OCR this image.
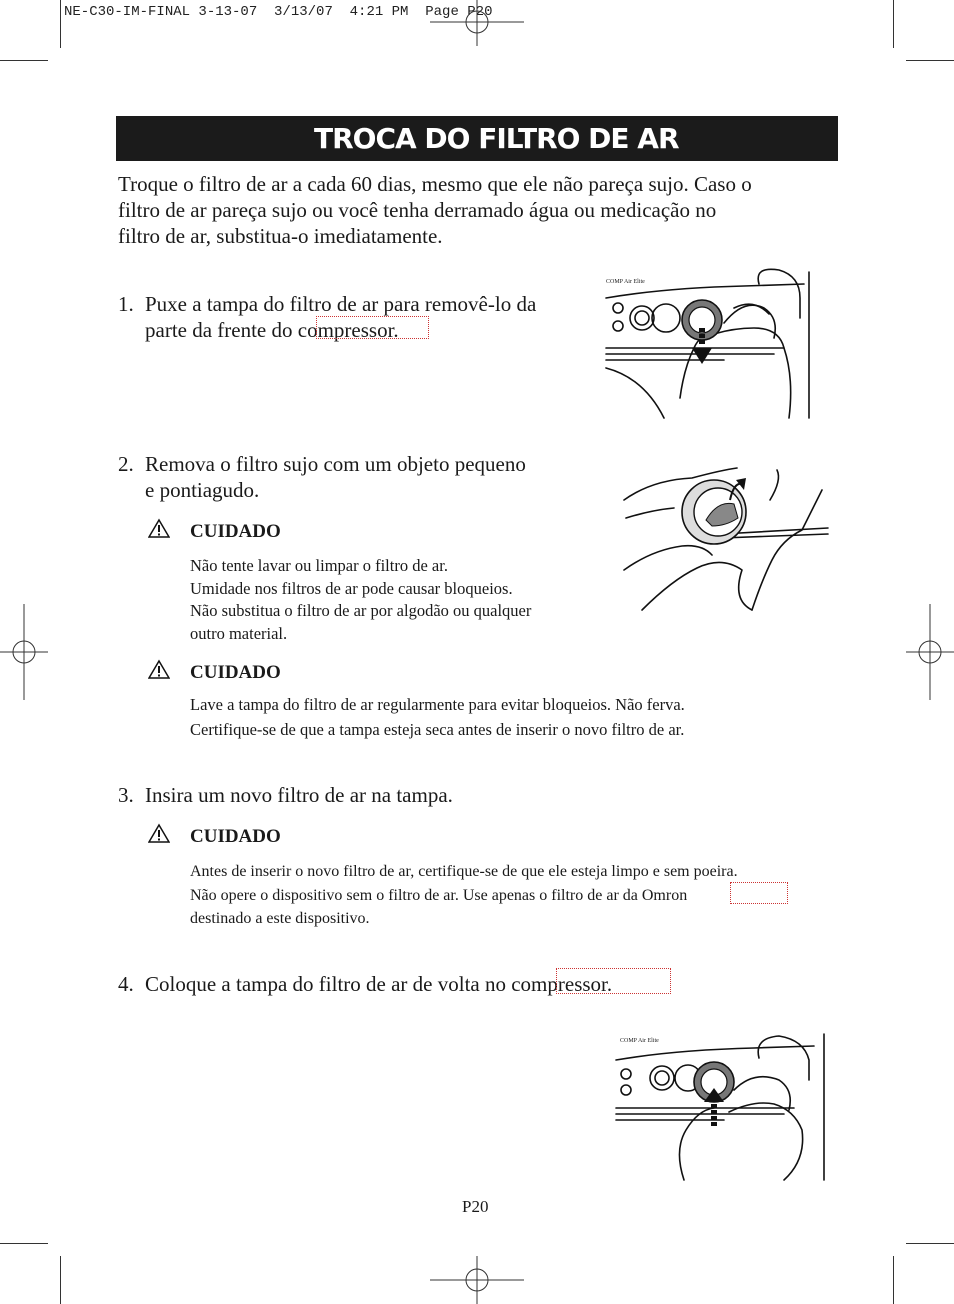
NE-C30-IM-FINAL 3-13-07  3/13/07  4:21 PM  Page P20
TROCA DO FILTRO DE AR
Troque o filtro de ar a cada 60 dias, mesmo que ele não pareça sujo. Caso o
filtro de ar pareça sujo ou você tenha derramado água ou medicação no
filtro de ar, substitua-o imediatamente.
1. Puxe a tampa do filtro de ar para removê-lo da
parte da frente do compressor.
COMP Air Elite
2. Remova o filtro sujo com um objeto pequeno
e pontiagudo.
CUIDADO
Não tente lavar ou limpar o filtro de ar.
Umidade nos filtros de ar pode causar bloqueios.
Não substitua o filtro de ar por algodão ou qualquer
outro material.
CUIDADO
Lave a tampa do filtro de ar regularmente para evitar bloqueios. Não ferva.
Certifique-se de que a tampa esteja seca antes de inserir o novo filtro de ar.
3. Insira um novo filtro de ar na tampa.
CUIDADO
Antes de inserir o novo filtro de ar, certifique-se de que ele esteja limpo e sem poeira.
Não opere o dispositivo sem o filtro de ar. Use apenas o filtro de ar da Omron
destinado a este dispositivo.
4. Coloque a tampa do filtro de ar de volta no compressor.
COMP Air Elite
P20
